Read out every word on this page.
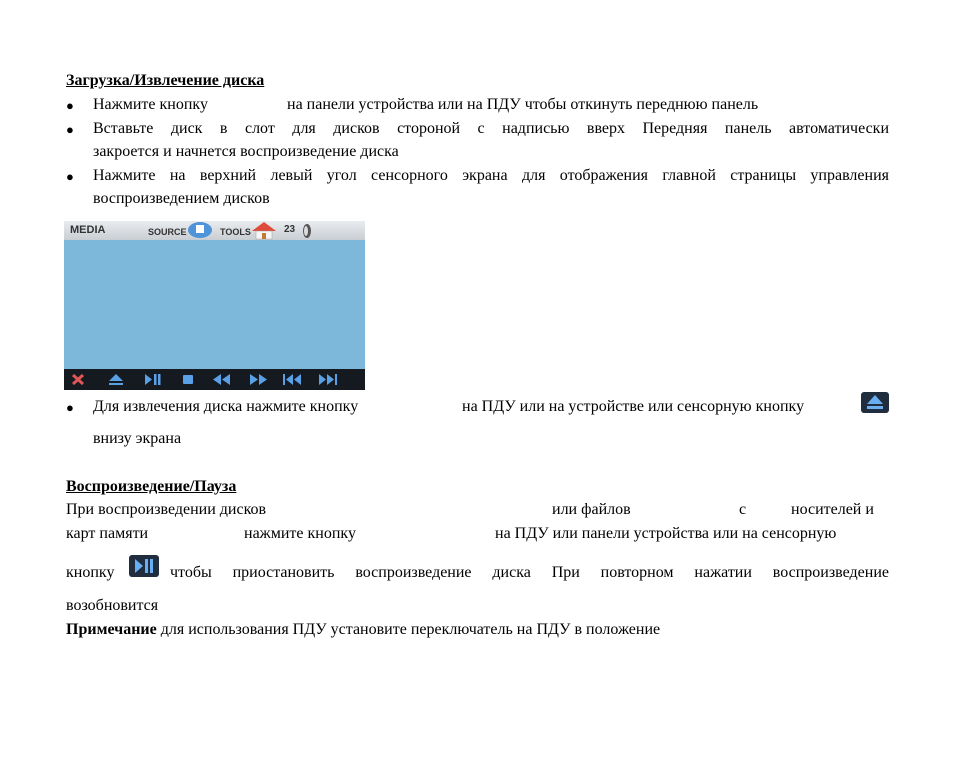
Загрузка/Извлечение диска
● Нажмите кнопку	на панели устройства или на ПДУ чтобы откинуть переднюю панель
● Вставьте диск в слот для дисков стороной с надписью вверх Передняя панель автоматически
закроется и начнется воспроизведение диска
● Нажмите на верхний левый угол сенсорного экрана для отображения главной страницы управления
воспроизведением дисков
MEDIA	SOURCE	TOOLS	23
● Для извлечения диска нажмите кнопку	на ПДУ или на устройстве или сенсорную кнопку
внизу экрана
Воспроизведение/Пауза
При воспроизведении дисков	или файлов	с	носителей и
карт памяти	нажмите кнопку	на ПДУ или панели устройства или на сенсорную
кнопку	чтобы приостановить воспроизведение диска При повторном нажатии воспроизведение
возобновится
Примечание для использования ПДУ установите переключатель на ПДУ в положение
